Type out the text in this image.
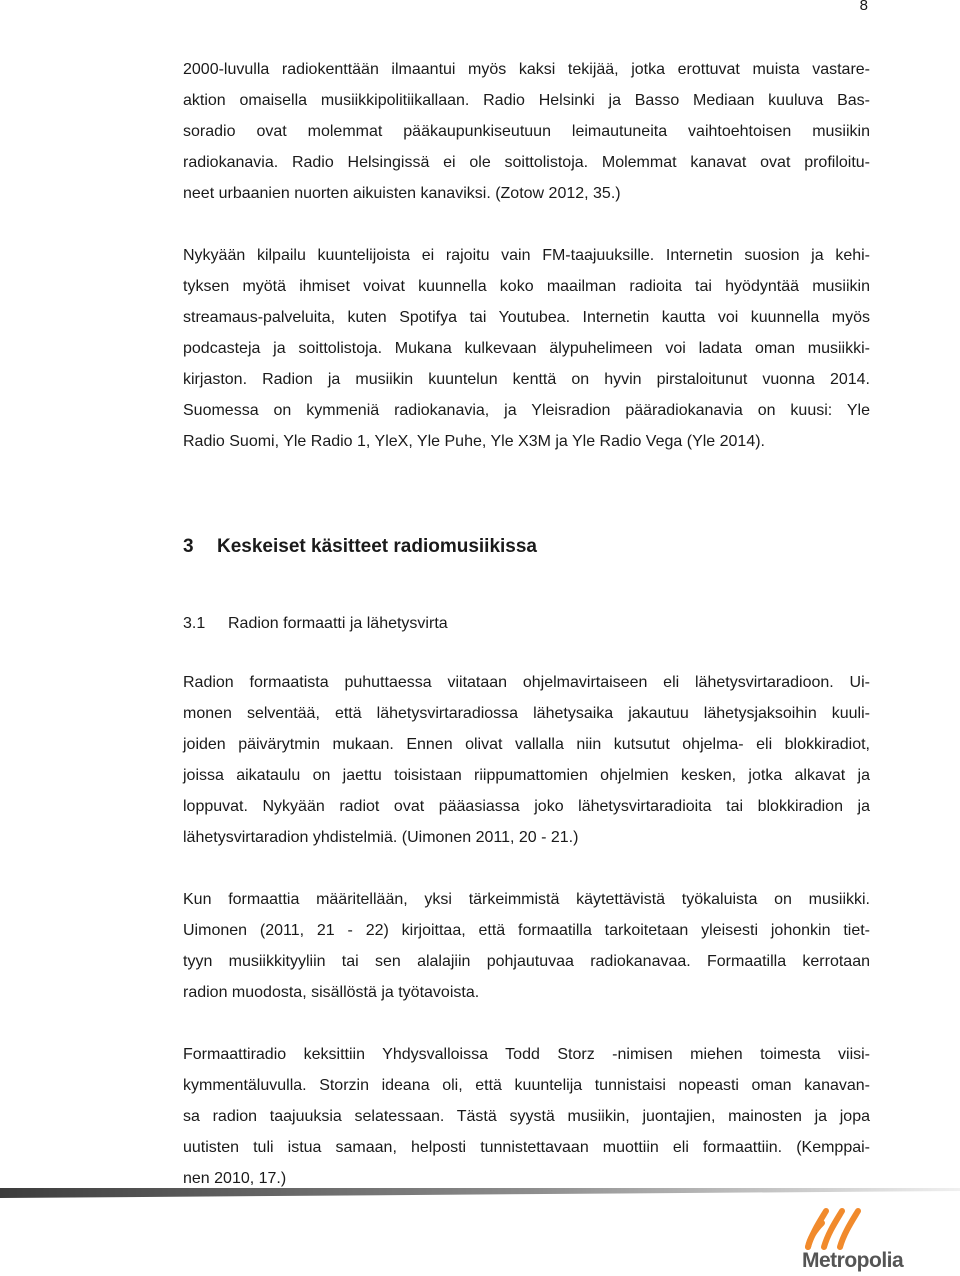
8
2000-luvulla radiokenttään ilmaantui myös kaksi tekijää, jotka erottuvat muista vastare-
aktion omaisella musiikkipolitiikallaan. Radio Helsinki ja Basso Mediaan kuuluva Bas-
soradio ovat molemmat pääkaupunkiseutuun leimautuneita vaihtoehtoisen musiikin
radiokanavia. Radio Helsingissä ei ole soittolistoja. Molemmat kanavat ovat profiloitu-
neet urbaanien nuorten aikuisten kanaviksi. (Zotow 2012, 35.)
Nykyään kilpailu kuuntelijoista ei rajoitu vain FM-taajuuksille. Internetin suosion ja kehi-
tyksen myötä ihmiset voivat kuunnella koko maailman radioita tai hyödyntää musiikin
streamaus-palveluita, kuten Spotifya tai Youtubea. Internetin kautta voi kuunnella myös
podcasteja ja soittolistoja. Mukana kulkevaan älypuhelimeen voi ladata oman musiikki-
kirjaston. Radion ja musiikin kuuntelun kenttä on hyvin pirstaloitunut vuonna 2014.
Suomessa on kymmeniä radiokanavia, ja Yleisradion pääradiokanavia on kuusi: Yle
Radio Suomi, Yle Radio 1, YleX, Yle Puhe, Yle X3M ja Yle Radio Vega (Yle 2014).
3 Keskeiset käsitteet radiomusiikissa
3.1 Radion formaatti ja lähetysvirta
Radion formaatista puhuttaessa viitataan ohjelmavirtaiseen eli lähetysvirtaradioon. Ui-
monen selventää, että lähetysvirtaradiossa lähetysaika jakautuu lähetysjaksoihin kuuli-
joiden päivärytmin mukaan. Ennen olivat vallalla niin kutsutut ohjelma- eli blokkiradiot,
joissa aikataulu on jaettu toisistaan riippumattomien ohjelmien kesken, jotka alkavat ja
loppuvat. Nykyään radiot ovat pääasiassa joko lähetysvirtaradioita tai blokkiradion ja
lähetysvirtaradion yhdistelmiä. (Uimonen 2011, 20 - 21.)
Kun formaattia määritellään, yksi tärkeimmistä käytettävistä työkaluista on musiikki.
Uimonen (2011, 21 - 22) kirjoittaa, että formaatilla tarkoitetaan yleisesti johonkin tiet-
tyyn musiikkityyliin tai sen alalajiin pohjautuvaa radiokanavaa. Formaatilla kerrotaan
radion muodosta, sisällöstä ja työtavoista.
Formaattiradio keksittiin Yhdysvalloissa Todd Storz -nimisen miehen toimesta viisi-
kymmentäluvulla. Storzin ideana oli, että kuuntelija tunnistaisi nopeasti oman kanavan-
sa radion taajuuksia selatessaan. Tästä syystä musiikin, juontajien, mainosten ja jopa
uutisten tuli istua samaan, helposti tunnistettavaan muottiin eli formaattiin. (Kemppai-
nen 2010, 17.)
Metropolia
